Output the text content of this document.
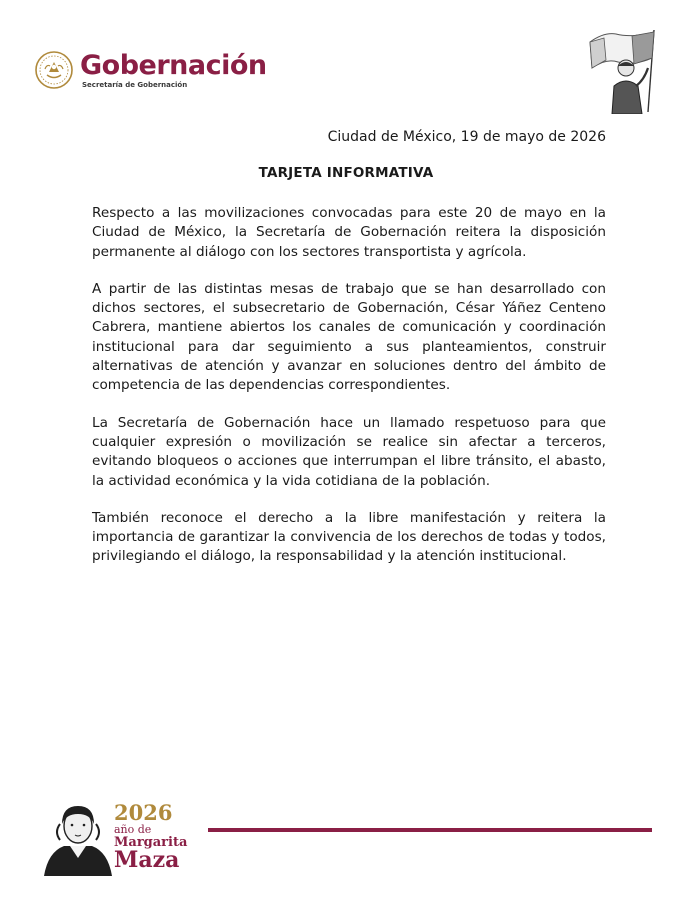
Gobernación
Secretaría de Gobernación
Ciudad de México, 19 de mayo de 2026
TARJETA INFORMATIVA

Respecto a las movilizaciones convocadas para este 20 de mayo en la Ciudad de México, la Secretaría de Gobernación reitera la disposición permanente al diálogo con los sectores transportista y agrícola.

A partir de las distintas mesas de trabajo que se han desarrollado con dichos sectores, el subsecretario de Gobernación, César Yáñez Centeno Cabrera, mantiene abiertos los canales de comunicación y coordinación institucional para dar seguimiento a sus planteamientos, construir alternativas de atención y avanzar en soluciones dentro del ámbito de competencia de las dependencias correspondientes.

La Secretaría de Gobernación hace un llamado respetuoso para que cualquier expresión o movilización se realice sin afectar a terceros, evitando bloqueos o acciones que interrumpan el libre tránsito, el abasto, la actividad económica y la vida cotidiana de la población.

También reconoce el derecho a la libre manifestación y reitera la importancia de garantizar la convivencia de los derechos de todas y todos, privilegiando el diálogo, la responsabilidad y la atención institucional.

2026
año de
Margarita
Maza
